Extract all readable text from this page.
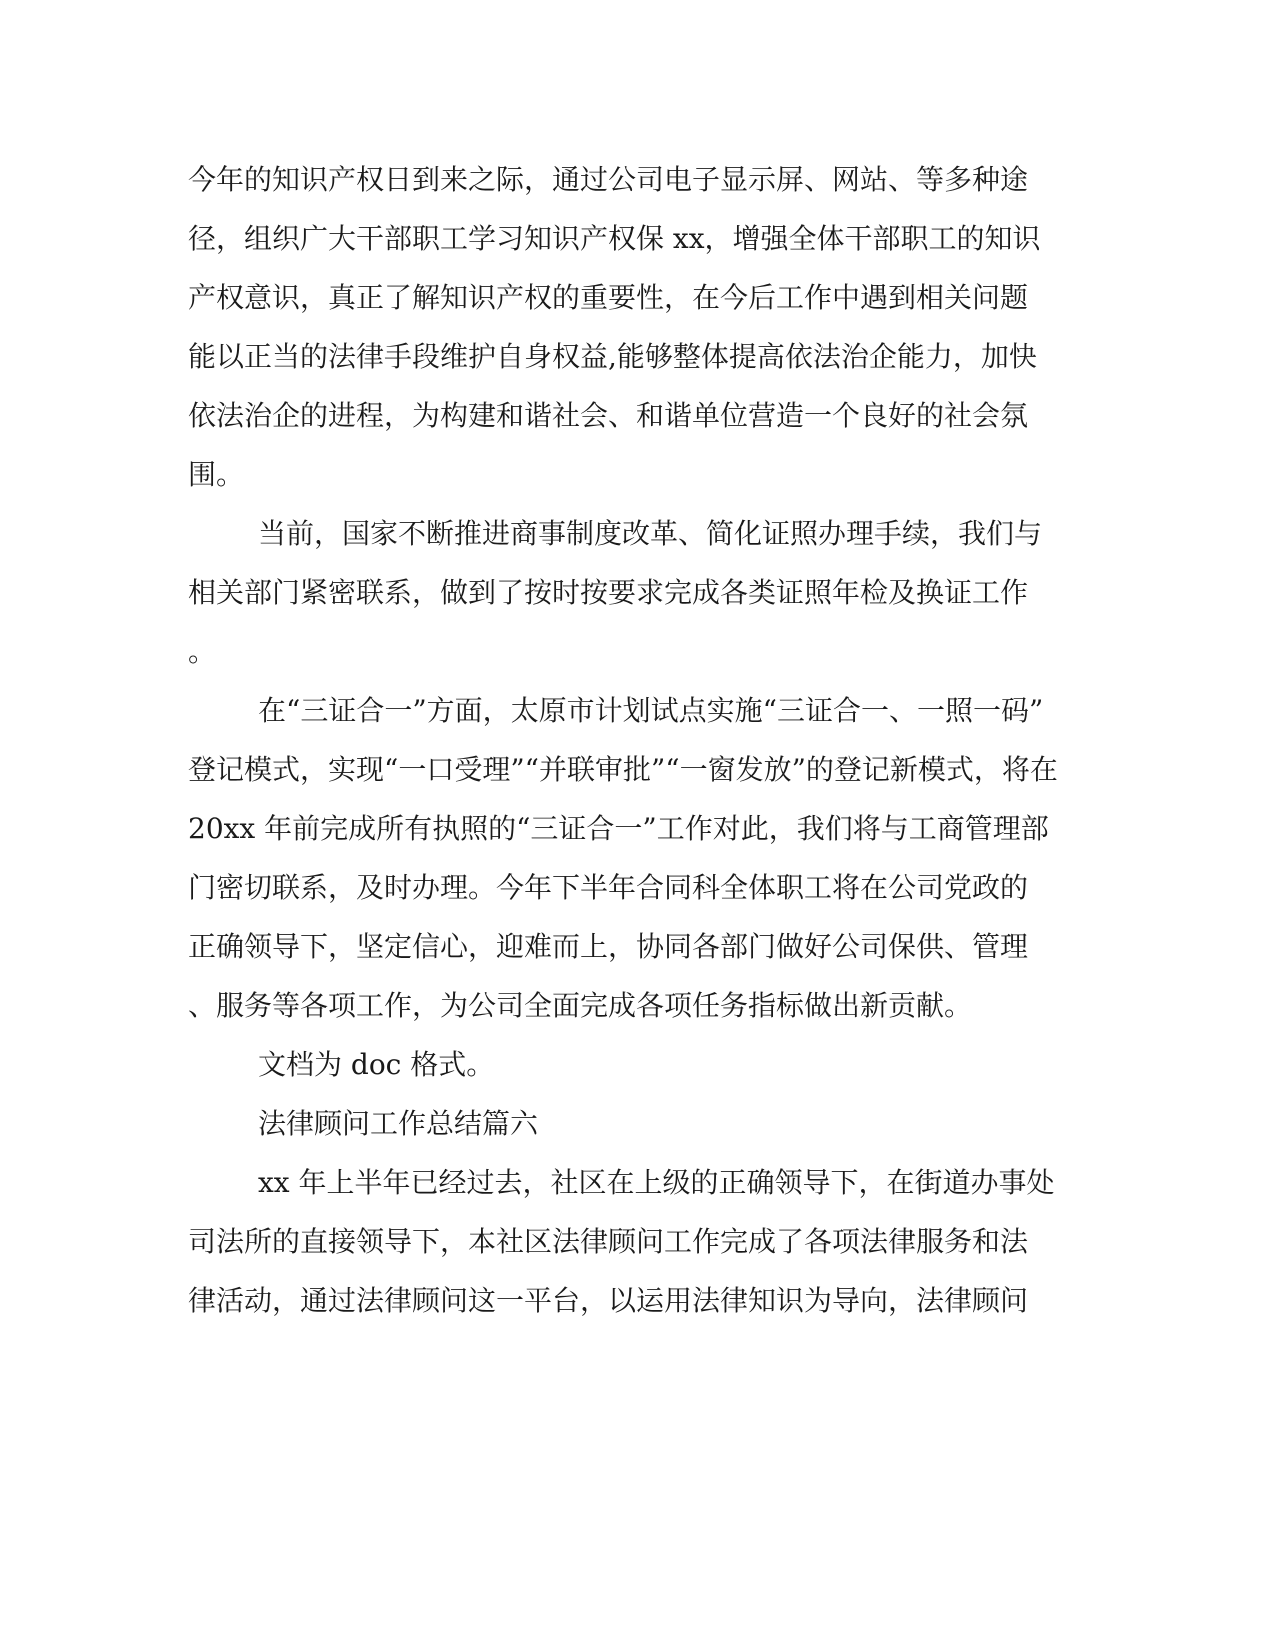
今年的知识产权日到来之际，通过公司电子显示屏、网站、等多种途
径，组织广大干部职工学习知识产权保 xx，增强全体干部职工的知识
产权意识，真正了解知识产权的重要性，在今后工作中遇到相关问题
能以正当的法律手段维护自身权益,能够整体提高依法治企能力，加快
依法治企的进程，为构建和谐社会、和谐单位营造一个良好的社会氛
围。
当前，国家不断推进商事制度改革、简化证照办理手续，我们与
相关部门紧密联系，做到了按时按要求完成各类证照年检及换证工作
。
在“三证合一”方面，太原市计划试点实施“三证合一、一照一码”
登记模式，实现“一口受理”“并联审批”“一窗发放”的登记新模式，将在
20xx 年前完成所有执照的“三证合一”工作对此，我们将与工商管理部
门密切联系，及时办理。今年下半年合同科全体职工将在公司党政的
正确领导下，坚定信心，迎难而上，协同各部门做好公司保供、管理
、服务等各项工作，为公司全面完成各项任务指标做出新贡献。
文档为 doc 格式。
法律顾问工作总结篇六
xx 年上半年已经过去，社区在上级的正确领导下，在街道办事处
司法所的直接领导下，本社区法律顾问工作完成了各项法律服务和法
律活动，通过法律顾问这一平台，以运用法律知识为导向，法律顾问
